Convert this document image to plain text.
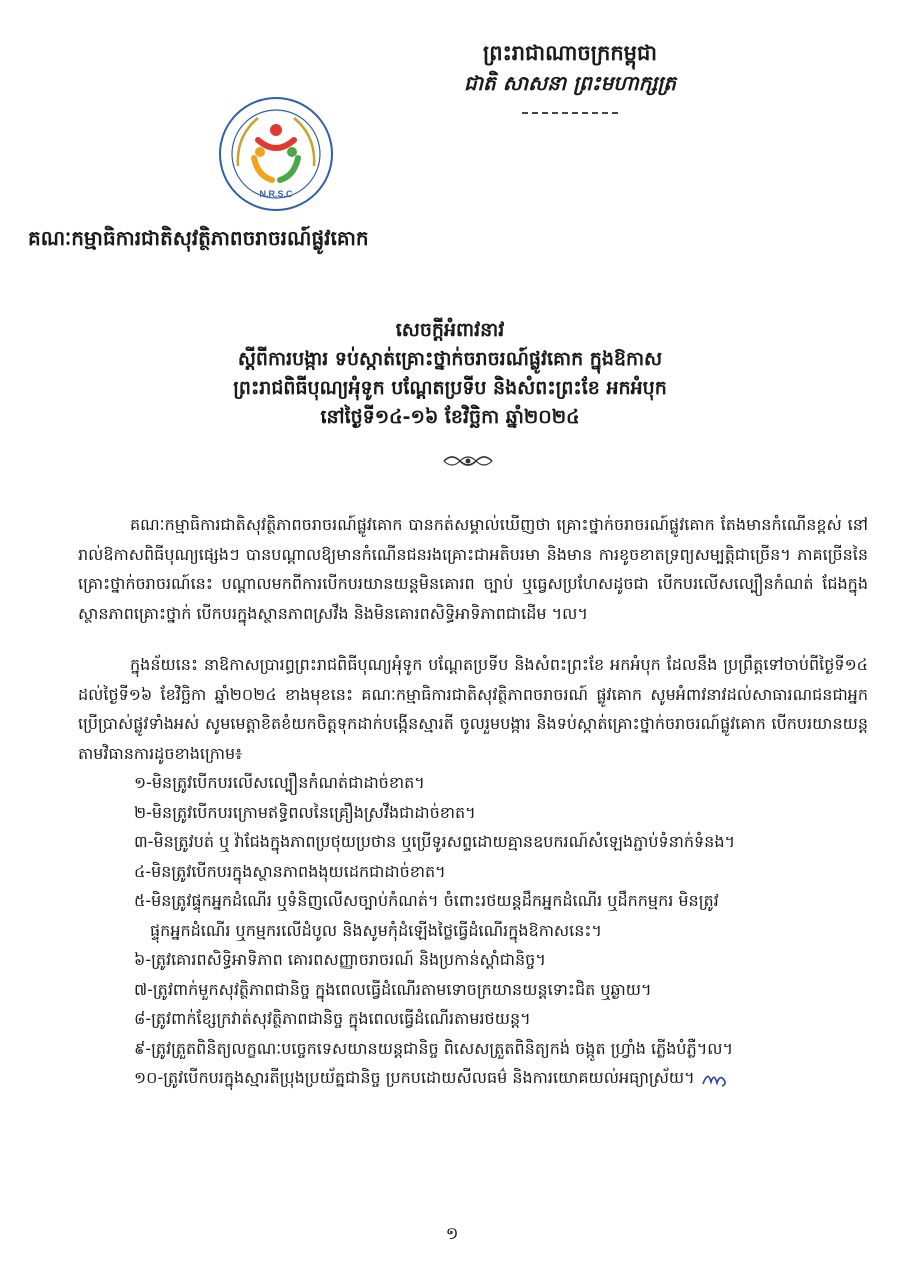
ព្រះរាជាណាចក្រកម្ពុជា
ជាតិ សាសនា ព្រះមហាក្សត្រ
N.R.S.C
គណៈកម្មាធិការជាតិសុវត្ថិភាពចរាចរណ៍ផ្លូវគោក
សេចក្ដីអំពាវនាវ
ស្ដីពីការបង្ការ ទប់ស្កាត់គ្រោះថ្នាក់ចរាចរណ៍ផ្លូវគោក ក្នុងឱកាស
ព្រះរាជពិធីបុណ្យអុំទូក បណ្ដែតប្រទីប និងសំពះព្រះខែ អកអំបុក
នៅថ្ងៃទី១៤-១៦ ខែវិច្ឆិកា ឆ្នាំ២០២៤

គណៈកម្មាធិការជាតិសុវត្ថិភាពចរាចរណ៍ផ្លូវគោក បានកត់សម្គាល់ឃើញថា គ្រោះថ្នាក់ចរាចរណ៍ផ្លូវគោក តែងមានកំណើនខ្ពស់ នៅរាល់ឱកាសពិធីបុណ្យផ្សេងៗ បានបណ្ដាលឱ្យមានកំណើនជនរងគ្រោះជាអតិបរមា និងមាន ការខូចខាតទ្រព្យសម្បត្តិជាច្រើន។ ភាគច្រើននៃគ្រោះថ្នាក់ចរាចរណ៍នេះ បណ្ដាលមកពីការបើកបរយានយន្តមិនគោរព ច្បាប់ ឬធ្វេសប្រហែសដូចជា បើកបរលើសល្បឿនកំណត់ ជែងក្នុងស្ថានភាពគ្រោះថ្នាក់ បើកបរក្នុងស្ថានភាពស្រវឹង និងមិនគោរពសិទ្ធិអាទិភាពជាដើម ។ល។

ក្នុងន័យនេះ នាឱកាសប្រារព្ធព្រះរាជពិធីបុណ្យអុំទូក បណ្ដែតប្រទីប និងសំពះព្រះខែ អកអំបុក ដែលនឹង ប្រព្រឹត្តទៅចាប់ពីថ្ងៃទី១៤ ដល់ថ្ងៃទី១៦ ខែវិច្ឆិកា ឆ្នាំ២០២៤ ខាងមុខនេះ គណៈកម្មាធិការជាតិសុវត្ថិភាពចរាចរណ៍ ផ្លូវគោក សូមអំពាវនាវដល់សាធារណជនជាអ្នកប្រើប្រាស់ផ្លូវទាំងអស់ សូមមេត្តាខិតខំយកចិត្តទុកដាក់បង្កើនស្មារតី ចូលរួមបង្ការ និងទប់ស្កាត់គ្រោះថ្នាក់ចរាចរណ៍ផ្លូវគោក បើកបរយានយន្តតាមវិធានការដូចខាងក្រោម៖

១-មិនត្រូវបើកបរលើសល្បឿនកំណត់ជាដាច់ខាត។
២-មិនត្រូវបើកបរក្រោមឥទ្ធិពលនៃគ្រឿងស្រវឹងជាដាច់ខាត។
៣-មិនត្រូវបត់ ឬ វ៉ាជែងក្នុងភាពប្រថុយប្រថាន ឬប្រើទូរសព្ទដោយគ្មានឧបករណ៍សំឡេងភ្ជាប់ទំនាក់ទំនង។
៤-មិនត្រូវបើកបរក្នុងស្ថានភាពងងុយដេកជាដាច់ខាត។
៥-មិនត្រូវផ្ទុកអ្នកដំណើរ ឬទំនិញលើសច្បាប់កំណត់។ ចំពោះរថយន្តដឹកអ្នកដំណើរ ឬដឹកកម្មករ មិនត្រូវ
ផ្ទុកអ្នកដំណើរ ឬកម្មករលើដំបូល និងសូមកុំដំឡើងថ្លៃធ្វើដំណើរក្នុងឱកាសនេះ។
៦-ត្រូវគោរពសិទ្ធិអាទិភាព គោរពសញ្ញាចរាចរណ៍ និងប្រកាន់ស្ដាំជានិច្ច។
៧-ត្រូវពាក់មួកសុវត្ថិភាពជានិច្ច ក្នុងពេលធ្វើដំណើរតាមទោចក្រយានយន្តទោះជិត ឬឆ្ងាយ។
៨-ត្រូវពាក់ខ្សែក្រវាត់សុវត្ថិភាពជានិច្ច ក្នុងពេលធ្វើដំណើរតាមរថយន្ត។
៩-ត្រូវត្រួតពិនិត្យលក្ខណៈបច្ចេកទេសយានយន្តជានិច្ច ពិសេសត្រួតពិនិត្យកង់ ចង្កូត ហ្វ្រាំង ភ្លើងបំភ្លឺ។ល។
១០-ត្រូវបើកបរក្នុងស្មារតីប្រុងប្រយ័ត្នជានិច្ច ប្រកបដោយសីលធម៌ និងការយោគយល់អធ្យាស្រ័យ។
១
